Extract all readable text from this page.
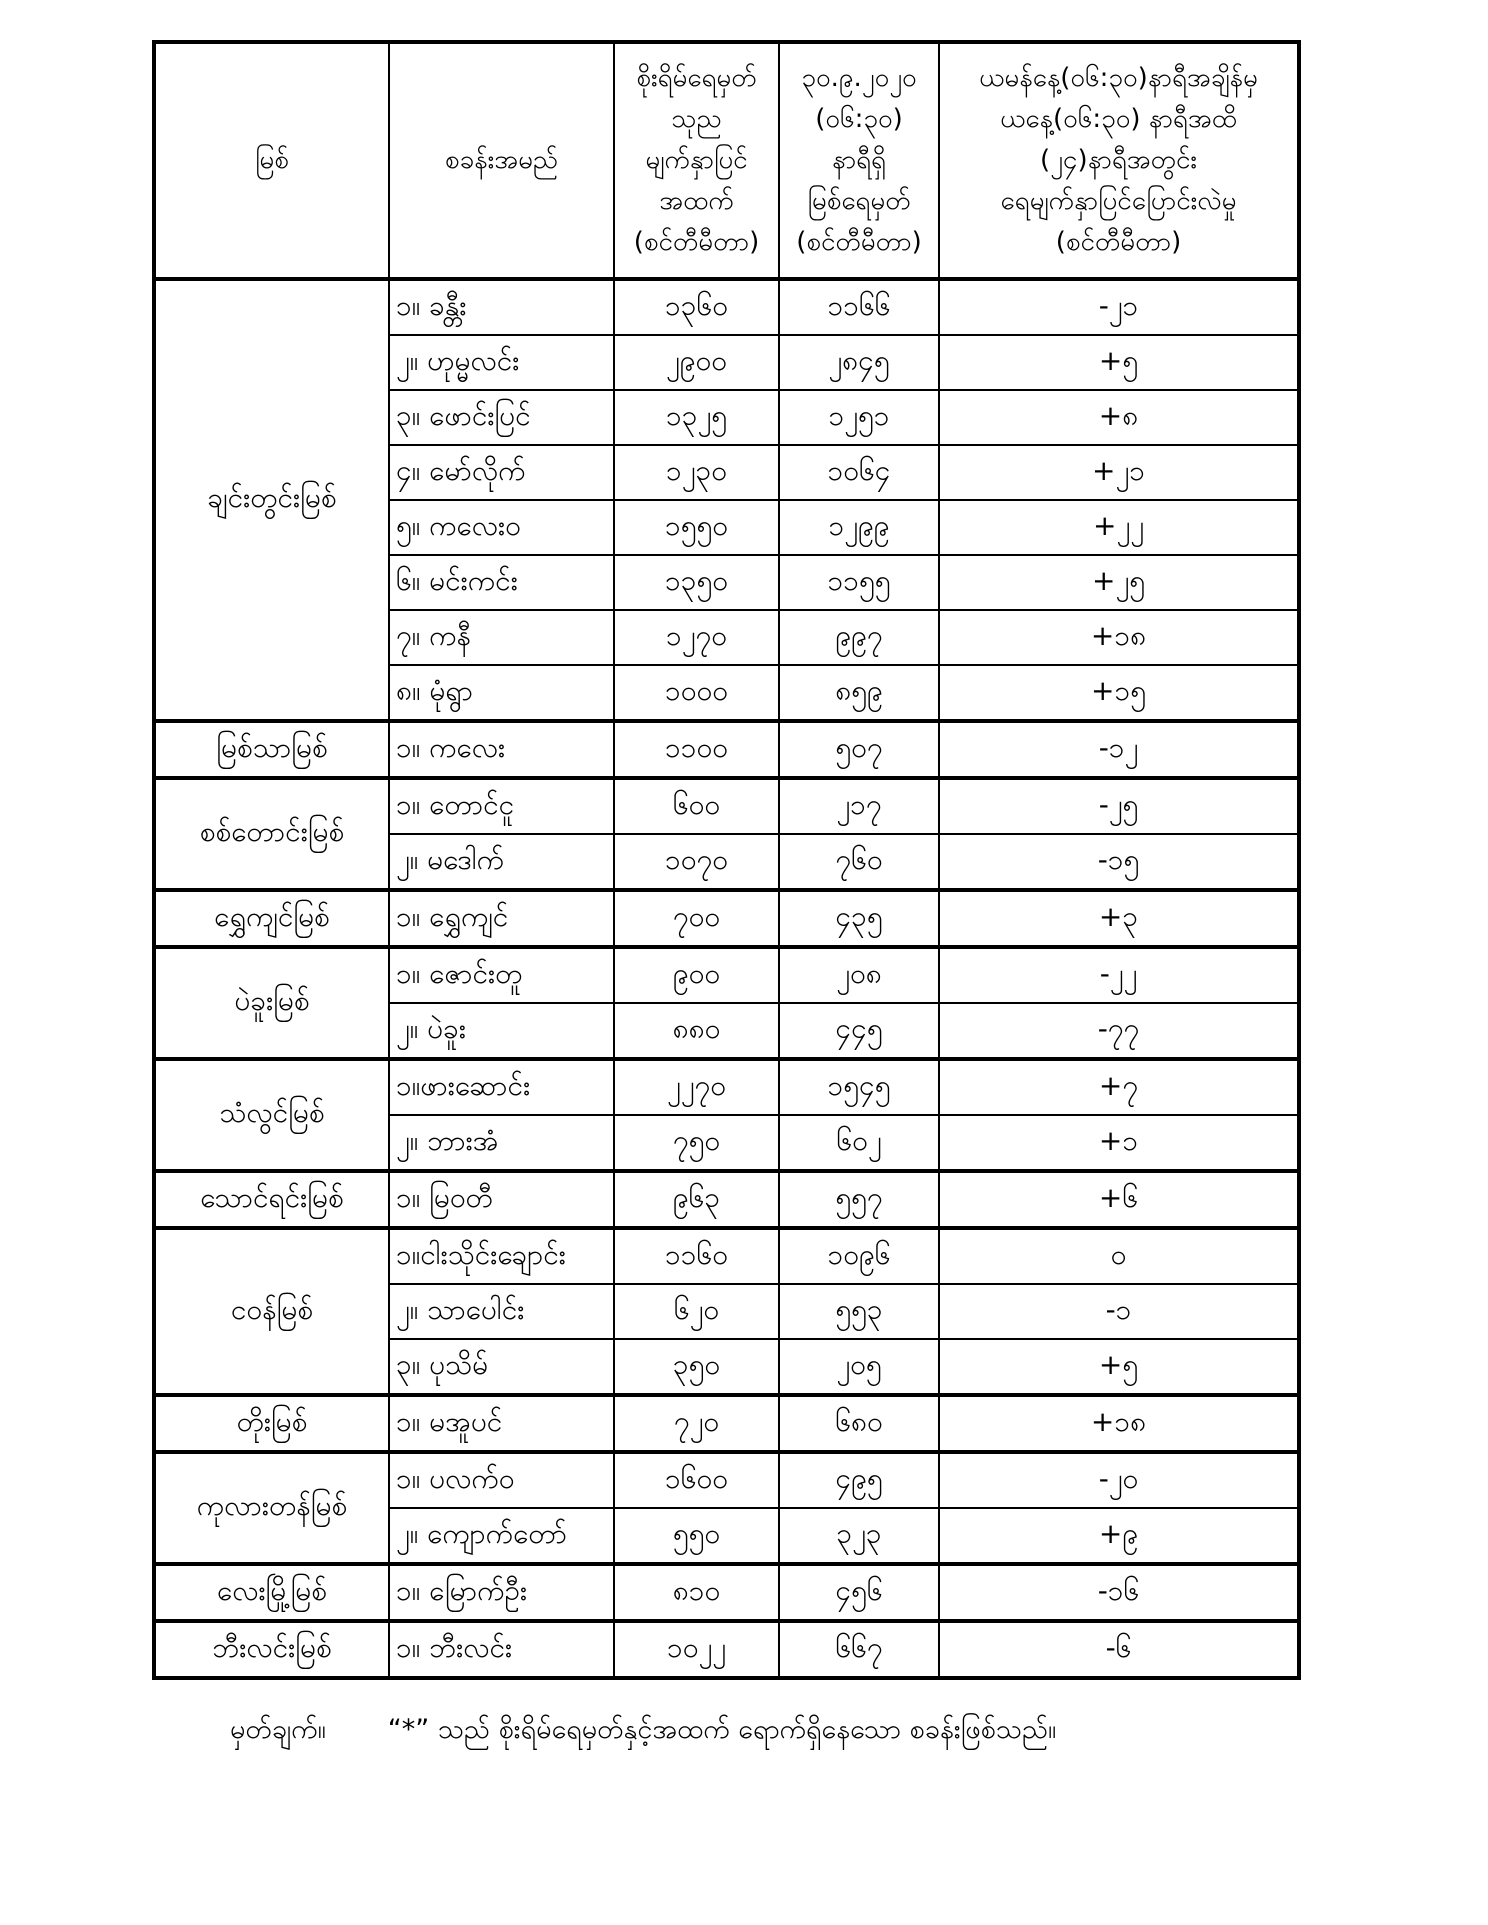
မြစ်	စခန်းအမည်

စိုးရိမ်ရေမှတ်
သုည
မျက်နှာပြင်
အထက်
(စင်တီမီတာ)

၃၀.၉.၂၀၂၀
(၀၆:၃၀)
နာရီရှိ
မြစ်ရေမှတ်
(စင်တီမီတာ)

ယမန်နေ့(၀၆:၃၀)နာရီအချိန်မှ
ယနေ့(၀၆:၃၀) နာရီအထိ
(၂၄)နာရီအတွင်း
ရေမျက်နှာပြင်ပြောင်းလဲမှု
(စင်တီမီတာ)

ချင်းတွင်းမြစ်	၁။ ခန္တီး	၁၃၆၀	၁၁၆၆	-၂၁
	၂။ ဟုမ္မလင်း	၂၉၀၀	၂၈၄၅	+၅
	၃။ ဖောင်းပြင်	၁၃၂၅	၁၂၅၁	+၈
	၄။ မော်လိုက်	၁၂၃၀	၁၀၆၄	+၂၁
	၅။ ကလေးဝ	၁၅၅၀	၁၂၉၉	+၂၂
	၆။ မင်းကင်း	၁၃၅၀	၁၁၅၅	+၂၅
	၇။ ကနီ	၁၂၇၀	၉၉၇	+၁၈
	၈။ မုံရွာ	၁၀၀၀	၈၅၉	+၁၅
မြစ်သာမြစ်	၁။ ကလေး	၁၁၀၀	၅၀၇	-၁၂
စစ်တောင်းမြစ်	၁။ တောင်ငူ	၆၀၀	၂၁၇	-၂၅
	၂။ မဒေါက်	၁၀၇၀	၇၆၀	-၁၅
ရွှေကျင်မြစ်	၁။ ရွှေကျင်	၇၀၀	၄၃၅	+၃
ပဲခူးမြစ်	၁။ ဇောင်းတူ	၉၀၀	၂၀၈	-၂၂
	၂။ ပဲခူး	၈၈၀	၄၄၅	-၇၇
သံလွင်မြစ်	၁။ဖားဆောင်း	၂၂၇၀	၁၅၄၅	+၇
	၂။ ဘားအံ	၇၅၀	၆၀၂	+၁
သောင်ရင်းမြစ်	၁။ မြဝတီ	၉၆၃	၅၅၇	+၆
ငဝန်မြစ်	၁။ငါးသိုင်းချောင်း	၁၁၆၀	၁၀၉၆	၀
	၂။ သာပေါင်း	၆၂၀	၅၅၃	-၁
	၃။ ပုသိမ်	၃၅၀	၂၀၅	+၅
တိုးမြစ်	၁။ မအူပင်	၇၂၀	၆၈၀	+၁၈
ကုလားတန်မြစ်	၁။ ပလက်ဝ	၁၆၀၀	၄၉၅	-၂၀
	၂။ ကျောက်တော်	၅၅၀	၃၂၃	+၉
လေးမြို့မြစ်	၁။ မြောက်ဦး	၈၁၀	၄၅၆	-၁၆
ဘီးလင်းမြစ်	၁။ ဘီးလင်း	၁၀၂၂	၆၆၇	-၆
မှတ်ချက်။ “*” သည် စိုးရိမ်ရေမှတ်နှင့်အထက် ရောက်ရှိနေသော စခန်းဖြစ်သည်။
